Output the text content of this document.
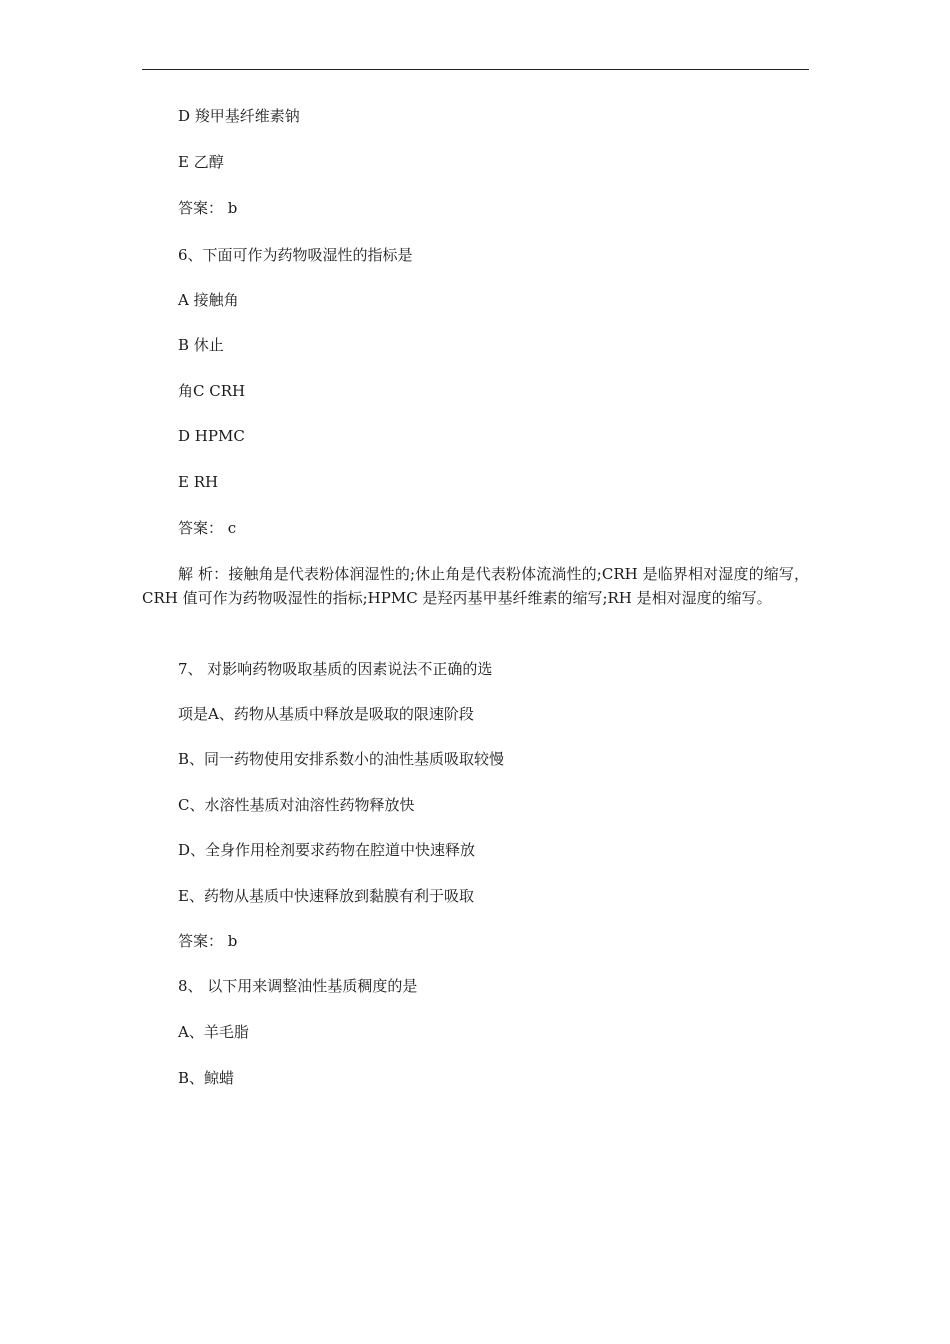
D 羧甲基纤维素钠
E 乙醇
答案： b
6、下面可作为药物吸湿性的指标是
A 接触角
B 休止
角C CRH
D HPMC
E RH
答案： c
解 析：接触角是代表粉体润湿性的;休止角是代表粉体流淌性的;CRH 是临界相对湿度的缩写，CRH 值可作为药物吸湿性的指标;HPMC 是羟丙基甲基纤维素的缩写;RH 是相对湿度的缩写。
7、 对影响药物吸取基质的因素说法不正确的选
项是A、药物从基质中释放是吸取的限速阶段
B、同一药物使用安排系数小的油性基质吸取较慢
C、水溶性基质对油溶性药物释放快
D、全身作用栓剂要求药物在腔道中快速释放
E、药物从基质中快速释放到黏膜有利于吸取
答案： b
8、 以下用来调整油性基质稠度的是
A、羊毛脂
B、鲸蜡
